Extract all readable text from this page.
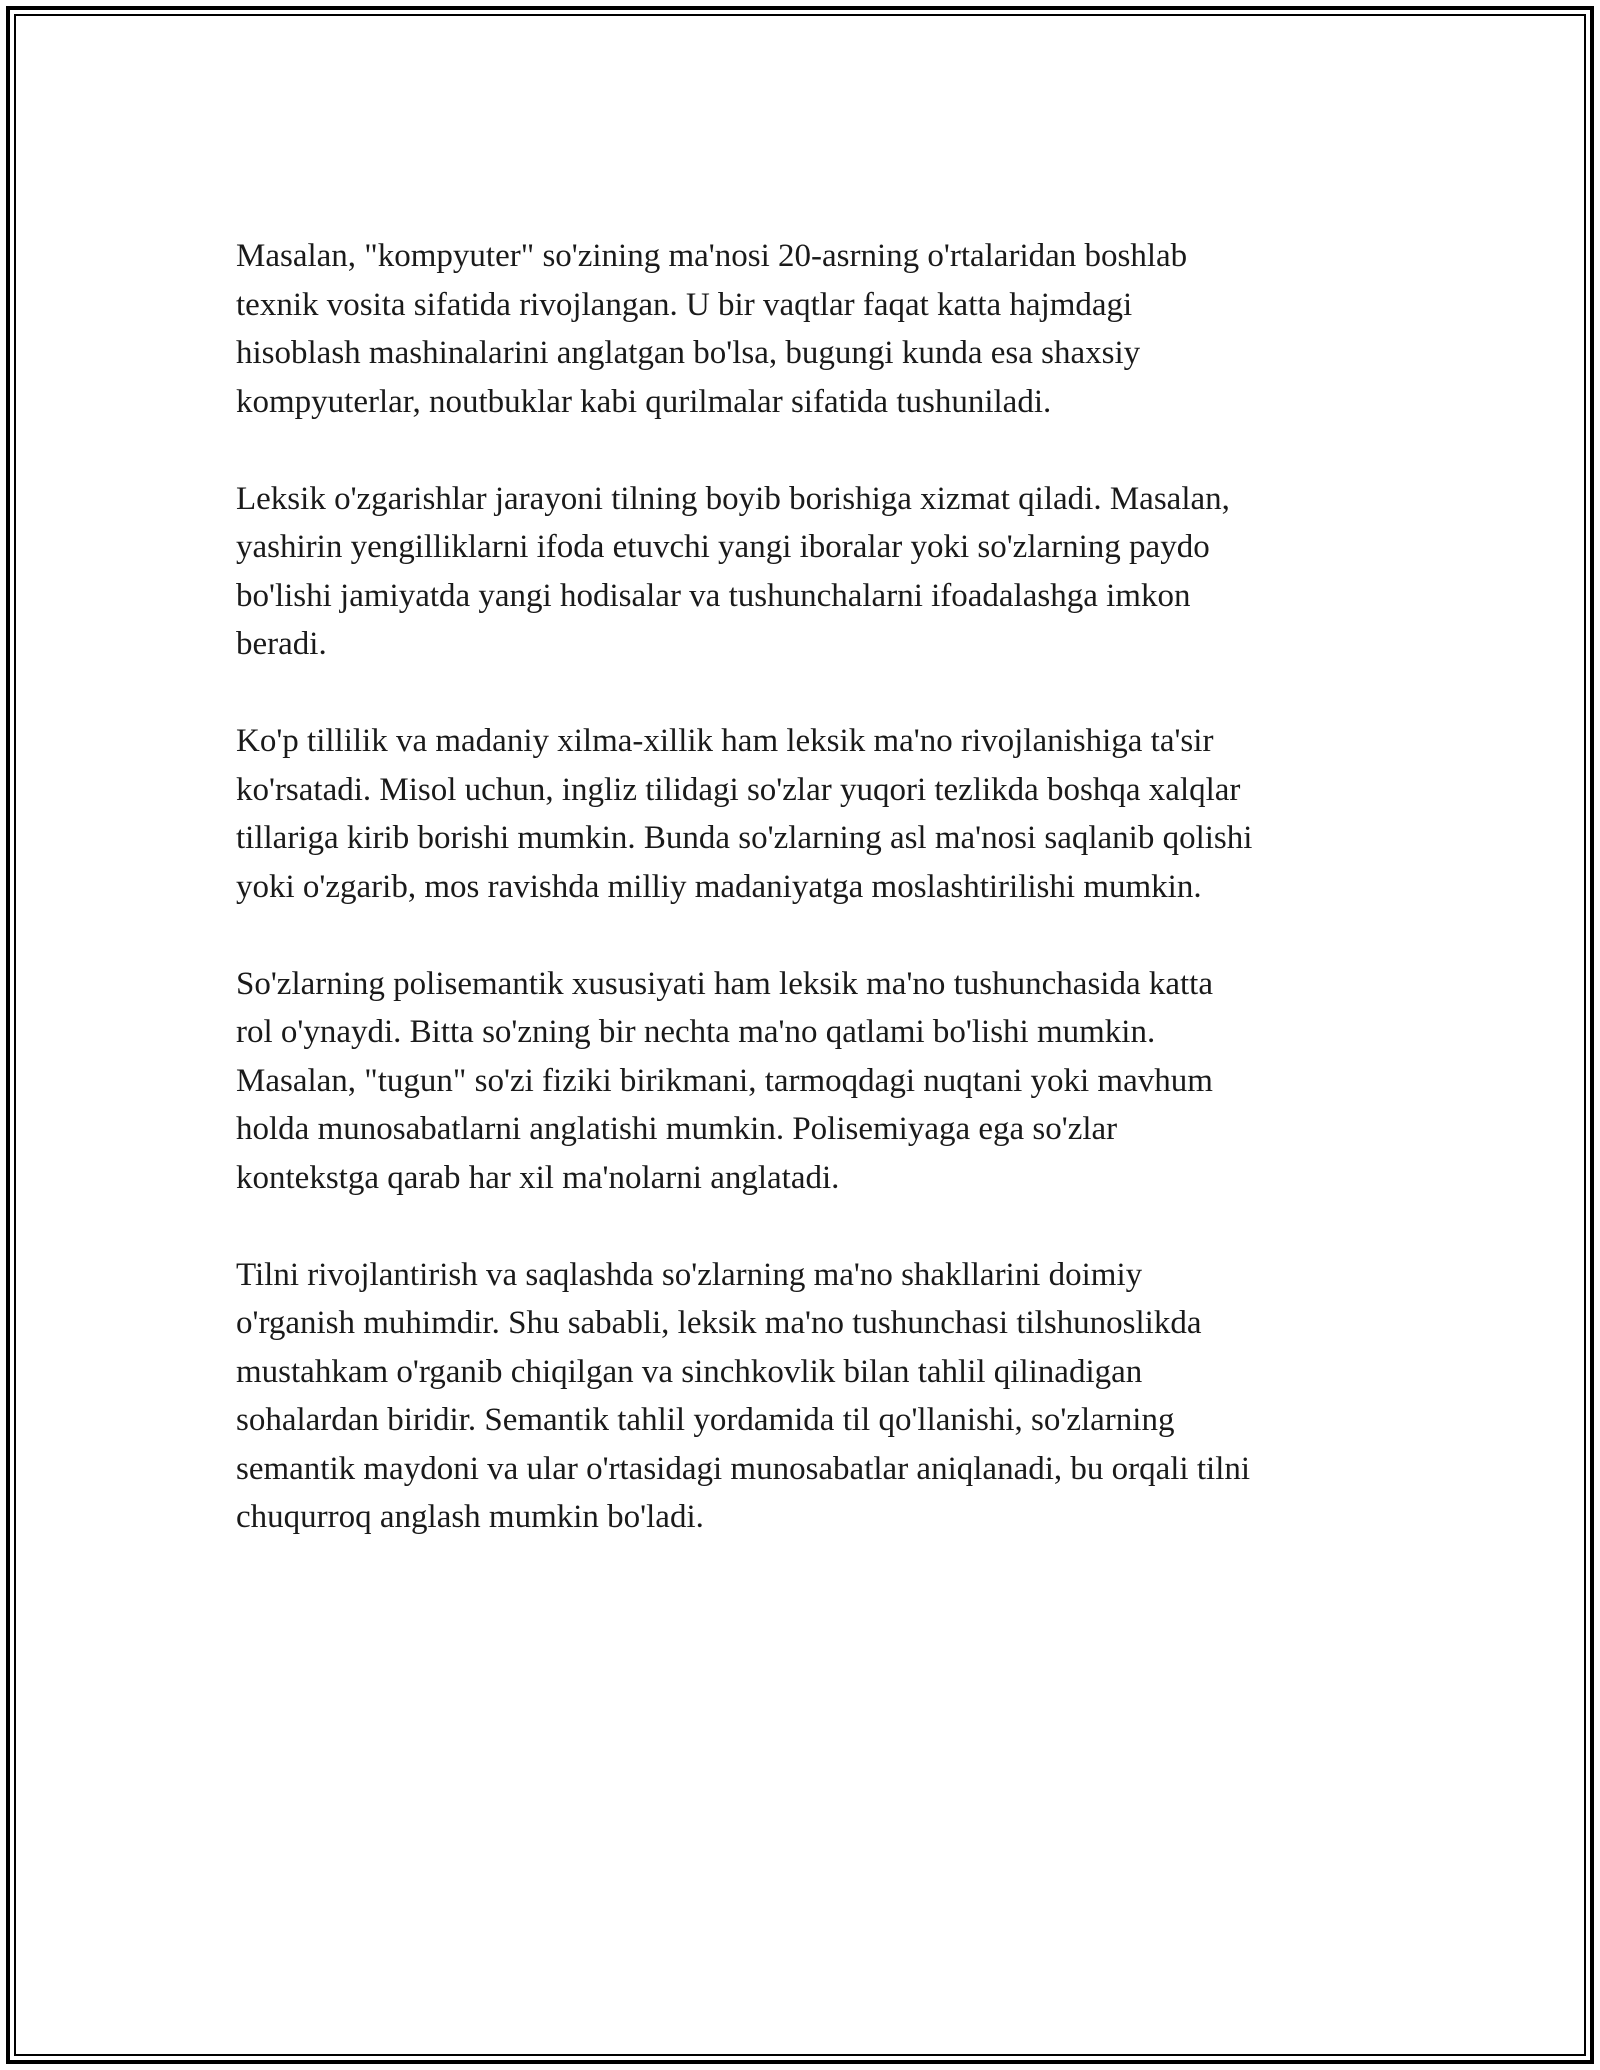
Masalan, "kompyuter" so'zining ma'nosi 20-asrning o'rtalaridan boshlab
texnik vosita sifatida rivojlangan. U bir vaqtlar faqat katta hajmdagi
hisoblash mashinalarini anglatgan bo'lsa, bugungi kunda esa shaxsiy
kompyuterlar, noutbuklar kabi qurilmalar sifatida tushuniladi.

Leksik o'zgarishlar jarayoni tilning boyib borishiga xizmat qiladi. Masalan,
yashirin yengilliklarni ifoda etuvchi yangi iboralar yoki so'zlarning paydo
bo'lishi jamiyatda yangi hodisalar va tushunchalarni ifoadalashga imkon
beradi.

Ko'p tillilik va madaniy xilma-xillik ham leksik ma'no rivojlanishiga ta'sir
ko'rsatadi. Misol uchun, ingliz tilidagi so'zlar yuqori tezlikda boshqa xalqlar
tillariga kirib borishi mumkin. Bunda so'zlarning asl ma'nosi saqlanib qolishi
yoki o'zgarib, mos ravishda milliy madaniyatga moslashtirilishi mumkin.

So'zlarning polisemantik xususiyati ham leksik ma'no tushunchasida katta
rol o'ynaydi. Bitta so'zning bir nechta ma'no qatlami bo'lishi mumkin.
Masalan, "tugun" so'zi fiziki birikmani, tarmoqdagi nuqtani yoki mavhum
holda munosabatlarni anglatishi mumkin. Polisemiyaga ega so'zlar
kontekstga qarab har xil ma'nolarni anglatadi.

Tilni rivojlantirish va saqlashda so'zlarning ma'no shakllarini doimiy
o'rganish muhimdir. Shu sababli, leksik ma'no tushunchasi tilshunoslikda
mustahkam o'rganib chiqilgan va sinchkovlik bilan tahlil qilinadigan
sohalardan biridir. Semantik tahlil yordamida til qo'llanishi, so'zlarning
semantik maydoni va ular o'rtasidagi munosabatlar aniqlanadi, bu orqali tilni
chuqurroq anglash mumkin bo'ladi.
